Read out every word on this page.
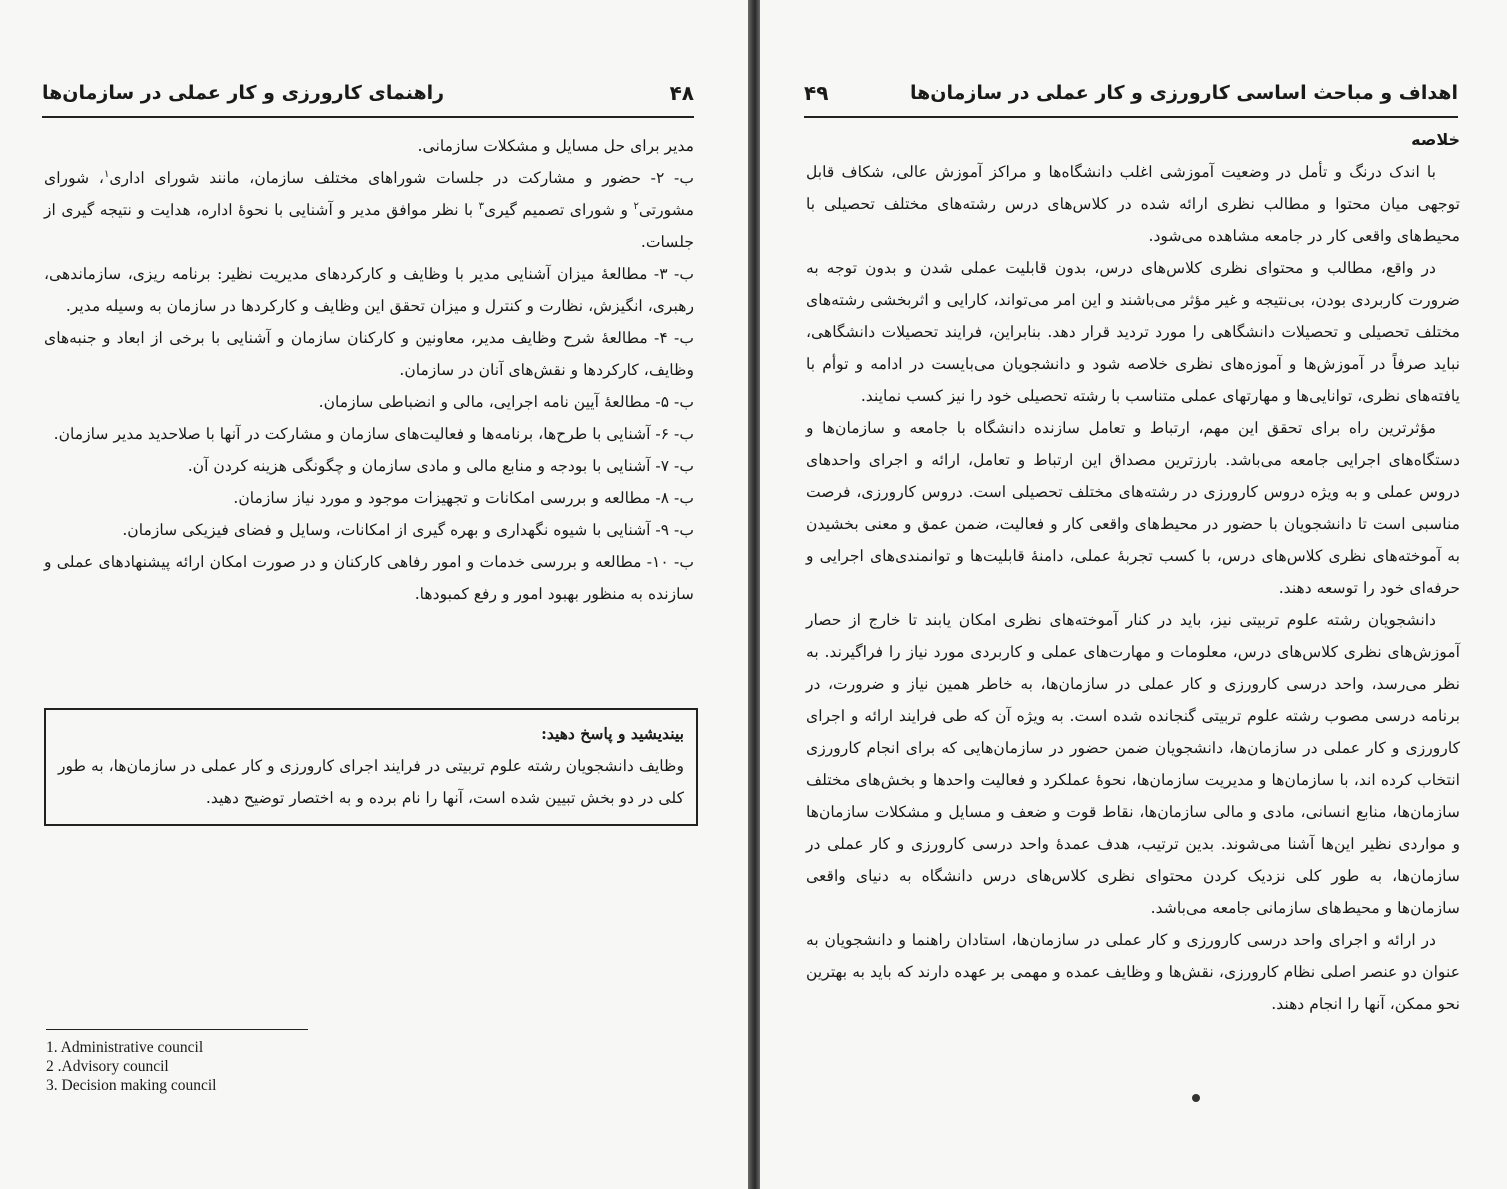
راهنمای کارورزی و کار عملی در سازمان‌ها	۴۸

مدیر برای حل مسایل و مشکلات سازمانی.

ب- ۲- حضور و مشارکت در جلسات شوراهای مختلف سازمان، مانند شورای اداری$^۱$، شورای مشورتی$^۲$ و شورای تصمیم گیری$^۳$ با نظر موافق مدیر و آشنایی با نحوهٔ اداره، هدایت و نتیجه گیری از جلسات.

ب- ۳- مطالعهٔ میزان آشنایی مدیر با وظایف و کارکردهای مدیریت نظیر: برنامه ریزی، سازماندهی، رهبری، انگیزش، نظارت و کنترل و میزان تحقق این وظایف و کارکردها در سازمان به وسیله مدیر.

ب- ۴- مطالعهٔ شرح وظایف مدیر، معاونین و کارکنان سازمان و آشنایی با برخی از ابعاد و جنبه‌های وظایف، کارکردها و نقش‌های آنان در سازمان.

ب- ۵- مطالعهٔ آیین نامه اجرایی، مالی و انضباطی سازمان.

ب- ۶- آشنایی با طرح‌ها، برنامه‌ها و فعالیت‌های سازمان و مشارکت در آنها با صلاحدید مدیر سازمان.

ب- ۷- آشنایی با بودجه و منابع مالی و مادی سازمان و چگونگی هزینه کردن آن.

ب- ۸- مطالعه و بررسی امکانات و تجهیزات موجود و مورد نیاز سازمان.

ب- ۹- آشنایی با شیوه نگهداری و بهره گیری از امکانات، وسایل و فضای فیزیکی سازمان.

ب- ۱۰- مطالعه و بررسی خدمات و امور رفاهی کارکنان و در صورت امکان ارائه پیشنهادهای عملی و سازنده به منظور بهبود امور و رفع کمبودها.

بیندیشید و پاسخ دهید:
وظایف دانشجویان رشته علوم تربیتی در فرایند اجرای کارورزی و کار عملی در سازمان‌ها، به طور کلی در دو بخش تبیین شده است، آنها را نام برده و به اختصار توضیح دهید.
1. Administrative council
2 .Advisory council
3. Decision making council
۴۹	اهداف و مباحث اساسی کارورزی و کار عملی در سازمان‌ها

خلاصه

با اندک درنگ و تأمل در وضعیت آموزشی اغلب دانشگاه‌ها و مراکز آموزش عالی، شکاف قابل توجهی میان محتوا و مطالب نظری ارائه شده در کلاس‌های درس رشته‌های مختلف تحصیلی با محیط‌های واقعی کار در جامعه مشاهده می‌شود.

در واقع، مطالب و محتوای نظری کلاس‌های درس، بدون قابلیت عملی شدن و بدون توجه به ضرورت کاربردی بودن، بی‌نتیجه و غیر مؤثر می‌باشند و این امر می‌تواند، کارایی و اثربخشی رشته‌های مختلف تحصیلی و تحصیلات دانشگاهی را مورد تردید قرار دهد. بنابراین، فرایند تحصیلات دانشگاهی، نباید صرفاً در آموزش‌ها و آموزه‌های نظری خلاصه شود و دانشجویان می‌بایست در ادامه و توأم با یافته‌های نظری، توانایی‌ها و مهارتهای عملی متناسب با رشته تحصیلی خود را نیز کسب نمایند.

مؤثرترین راه برای تحقق این مهم، ارتباط و تعامل سازنده دانشگاه با جامعه و سازمان‌ها و دستگاه‌های اجرایی جامعه می‌باشد. بارزترین مصداق این ارتباط و تعامل، ارائه و اجرای واحدهای دروس عملی و به ویژه دروس کارورزی در رشته‌های مختلف تحصیلی است. دروس کارورزی، فرصت مناسبی است تا دانشجویان با حضور در محیط‌های واقعی کار و فعالیت، ضمن عمق و معنی بخشیدن به آموخته‌های نظری کلاس‌های درس، با کسب تجربهٔ عملی، دامنهٔ قابلیت‌ها و توانمندی‌های اجرایی و حرفه‌ای خود را توسعه دهند.

دانشجویان رشته علوم تربیتی نیز، باید در کنار آموخته‌های نظری امکان یابند تا خارج از حصار آموزش‌های نظری کلاس‌های درس، معلومات و مهارت‌های عملی و کاربردی مورد نیاز را فراگیرند. به نظر می‌رسد، واحد درسی کارورزی و کار عملی در سازمان‌ها، به خاطر همین نیاز و ضرورت، در برنامه درسی مصوب رشته علوم تربیتی گنجانده شده است. به ویژه آن که طی فرایند ارائه و اجرای کارورزی و کار عملی در سازمان‌ها، دانشجویان ضمن حضور در سازمان‌هایی که برای انجام کارورزی انتخاب کرده اند، با سازمان‌ها و مدیریت سازمان‌ها، نحوهٔ عملکرد و فعالیت واحدها و بخش‌های مختلف سازمان‌ها، منابع انسانی، مادی و مالی سازمان‌ها، نقاط قوت و ضعف و مسایل و مشکلات سازمان‌ها و مواردی نظیر این‌ها آشنا می‌شوند. بدین ترتیب، هدف عمدهٔ واحد درسی کارورزی و کار عملی در سازمان‌ها، به طور کلی نزدیک کردن محتوای نظری کلاس‌های درس دانشگاه به دنیای واقعی سازمان‌ها و محیط‌های سازمانی جامعه می‌باشد.

در ارائه و اجرای واحد درسی کارورزی و کار عملی در سازمان‌ها، استادان راهنما و دانشجویان به عنوان دو عنصر اصلی نظام کارورزی، نقش‌ها و وظایف عمده و مهمی بر عهده دارند که باید به بهترین نحو ممکن، آنها را انجام دهند.
